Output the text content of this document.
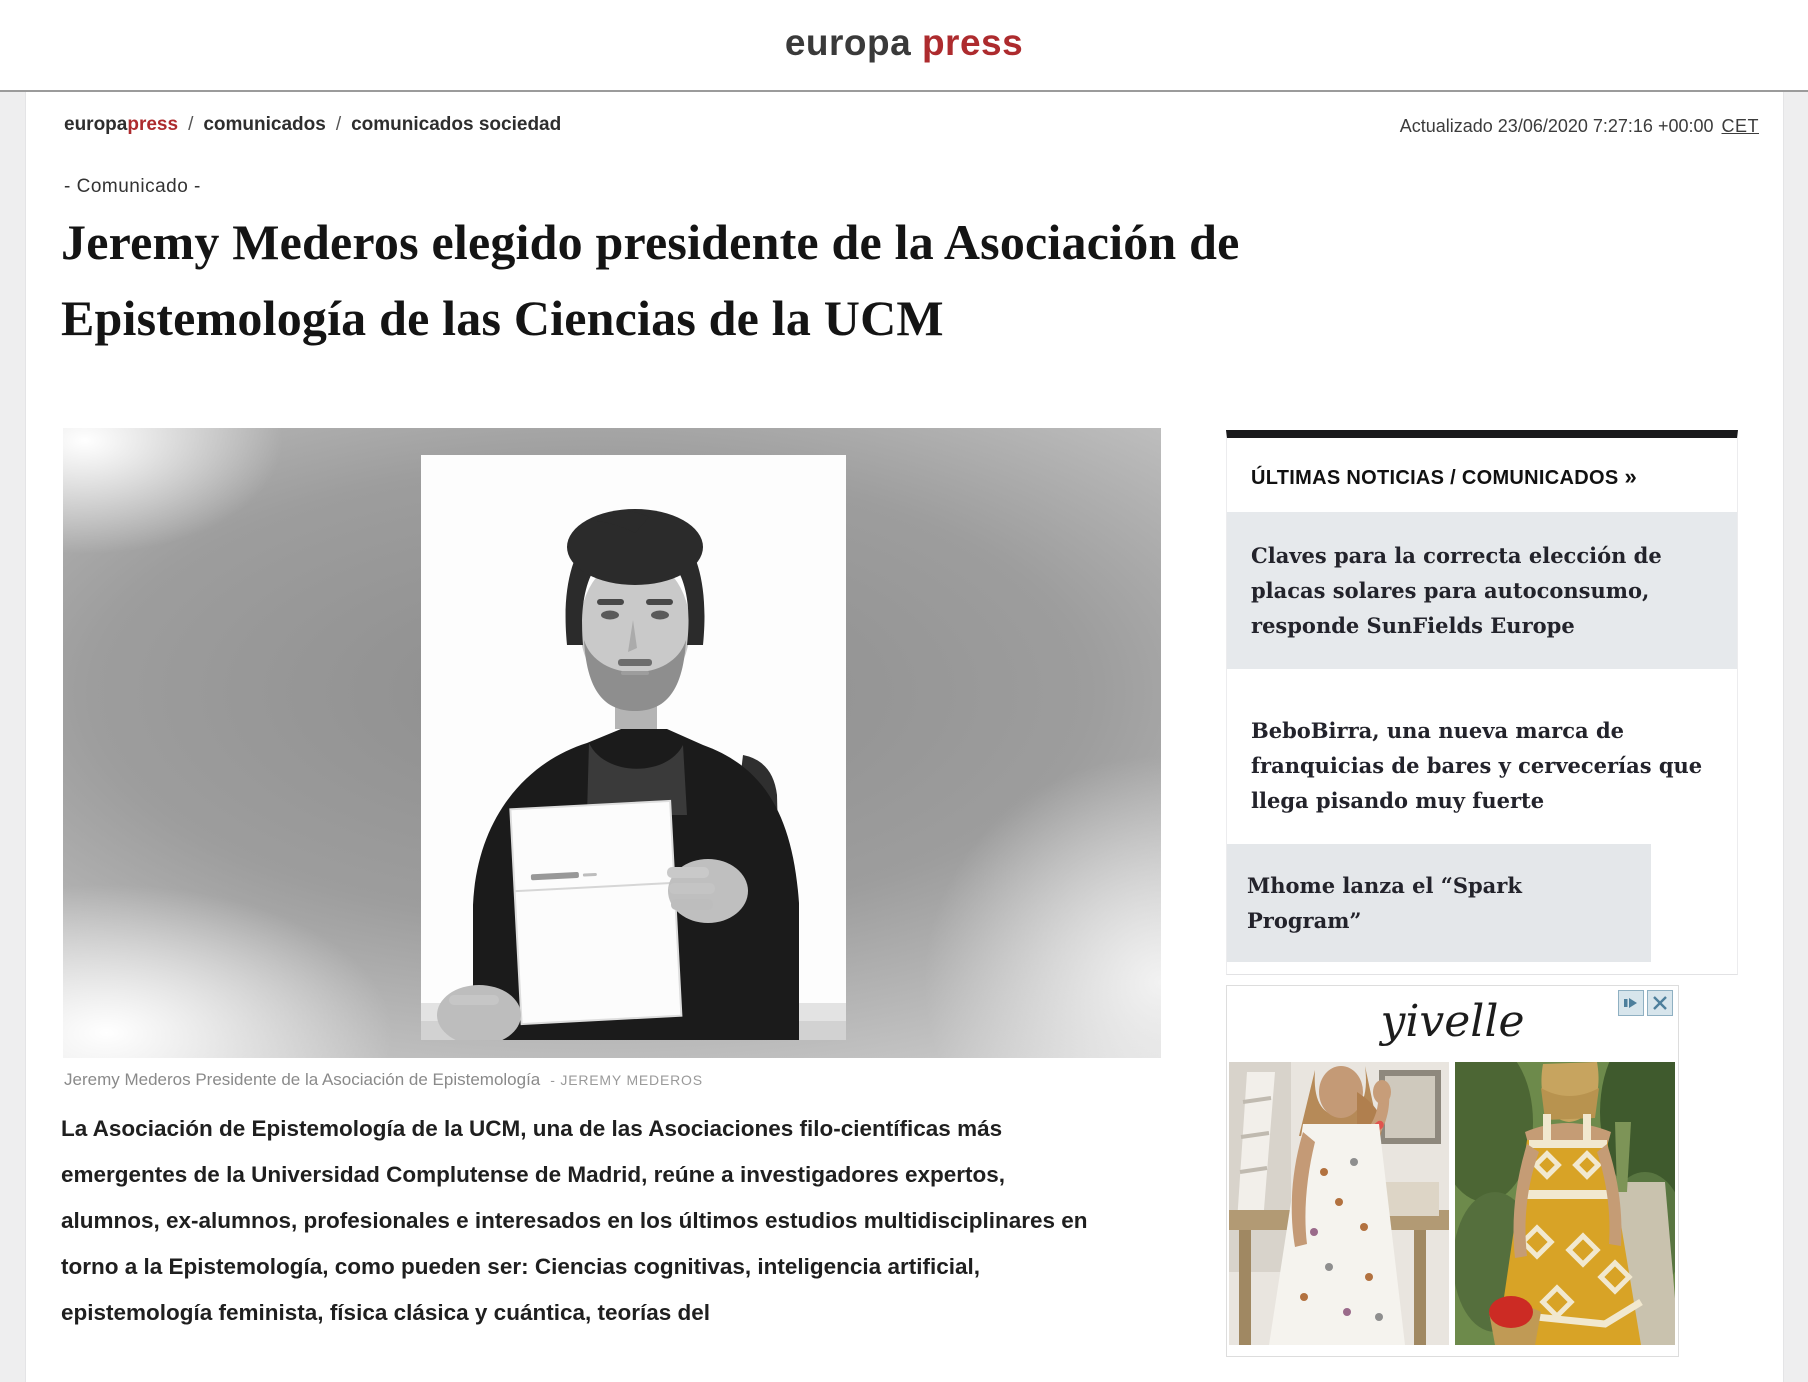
europa press
europapress / comunicados / comunicados sociedad	Actualizado 23/06/2020 7:27:16 +00:00 CET
- Comunicado -
Jeremy Mederos elegido presidente de la Asociación de Epistemología de las Ciencias de la UCM
Jeremy Mederos Presidente de la Asociación de Epistemología - JEREMY MEDEROS

La Asociación de Epistemología de la UCM, una de las Asociaciones filo-científicas más emergentes de la Universidad Complutense de Madrid, reúne a investigadores expertos, alumnos, ex-alumnos, profesionales e interesados en los últimos estudios multidisciplinares en torno a la Epistemología, como pueden ser: Ciencias cognitivas, inteligencia artificial, epistemología feminista, física clásica y cuántica, teorías del

ÚLTIMAS NOTICIAS / COMUNICADOS »
Claves para la correcta elección de placas solares para autoconsumo, responde SunFields Europe
BeboBirra, una nueva marca de franquicias de bares y cervecerías que llega pisando muy fuerte
Mhome lanza el “Spark Program”
yivelle
